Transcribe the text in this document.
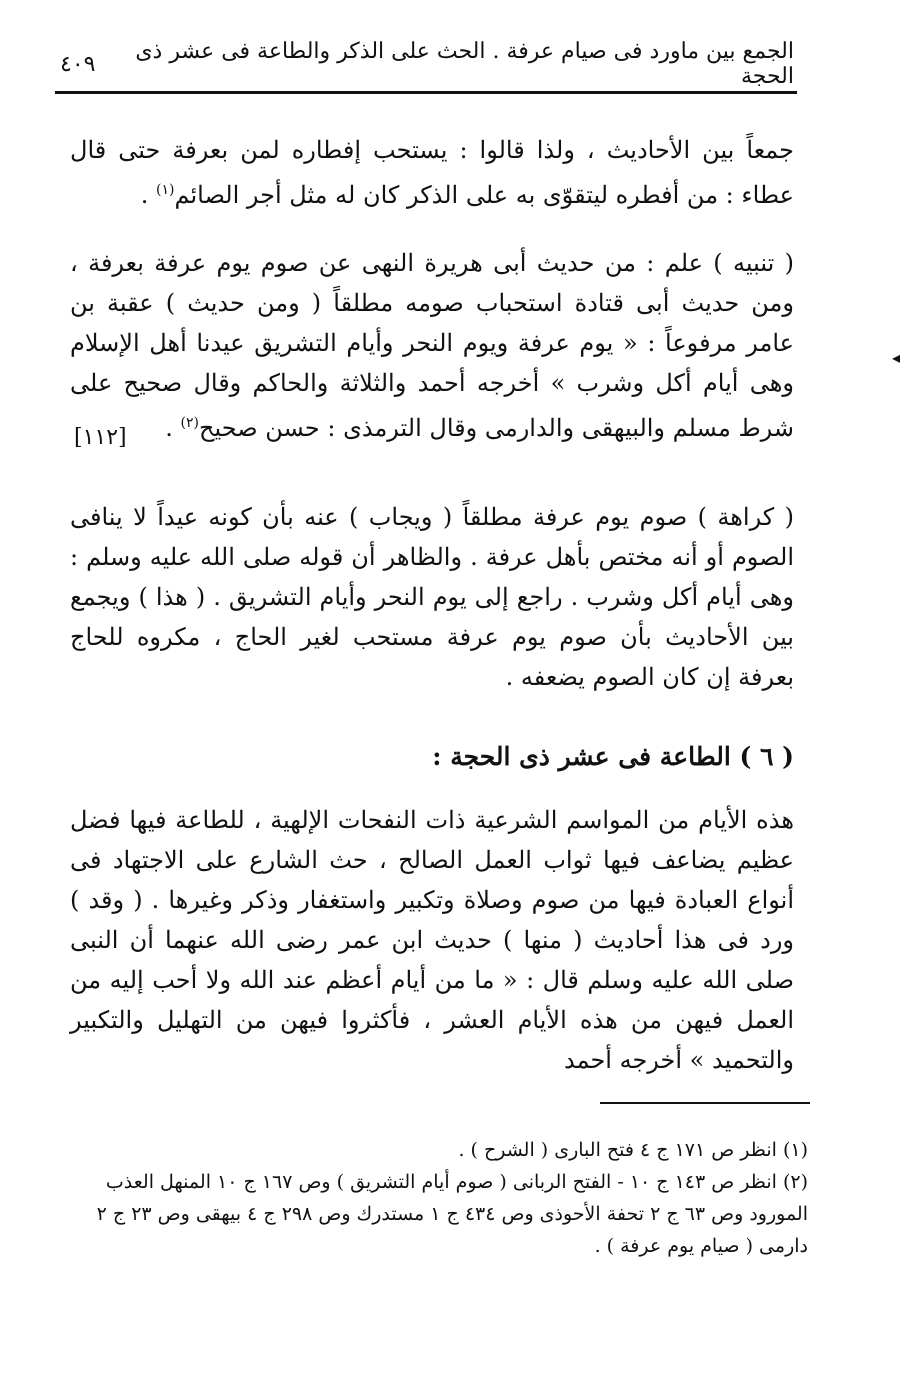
الجمع بين ماورد فى صيام عرفة . الحث على الذكر والطاعة فى عشر ذى الحجة
٤٠٩
جمعاً بين الأحاديث ، ولذا قالوا : يستحب إفطاره لمن بعرفة حتى قال عطاء : من أفطره ليتقوّى به على الذكر كان له مثل أجر الصائم$^{(١)}$ .
( تنبيه ) علم : من حديث أبى هريرة النهى عن صوم يوم عرفة بعرفة ، ومن حديث أبى قتادة استحباب صومه مطلقاً ( ومن حديث ) عقبة بن عامر مرفوعاً : « يوم عرفة ويوم النحر وأيام التشريق عيدنا أهل الإسلام وهى أيام أكل وشرب » أخرجه أحمد والثلاثة والحاكم وقال صحيح على شرط مسلم والبيهقى والدارمى وقال الترمذى : حسن صحيح$^{(٢)}$ .
[١١٢]
◂
( كراهة ) صوم يوم عرفة مطلقاً ( ويجاب ) عنه بأن كونه عيداً لا ينافى الصوم أو أنه مختص بأهل عرفة . والظاهر أن قوله صلى الله عليه وسلم : وهى أيام أكل وشرب . راجع إلى يوم النحر وأيام التشريق . ( هذا ) ويجمع بين الأحاديث بأن صوم يوم عرفة مستحب لغير الحاج ، مكروه للحاج بعرفة إن كان الصوم يضعفه .
( ٦ ) الطاعة فى عشر ذى الحجة :
هذه الأيام من المواسم الشرعية ذات النفحات الإلهية ، للطاعة فيها فضل عظيم يضاعف فيها ثواب العمل الصالح ، حث الشارع على الاجتهاد فى أنواع العبادة فيها من صوم وصلاة وتكبير واستغفار وذكر وغيرها . ( وقد ) ورد فى هذا أحاديث ( منها ) حديث ابن عمر رضى الله عنهما أن النبى صلى الله عليه وسلم قال : « ما من أيام أعظم عند الله ولا أحب إليه من العمل فيهن من هذه الأيام العشر ، فأكثروا فيهن من التهليل والتكبير والتحميد » أخرجه أحمد
(١) انظر ص ١٧١ ج ٤ فتح البارى ( الشرح ) .
(٢) انظر ص ١٤٣ ج ١٠ - الفتح الربانى ( صوم أيام التشريق ) وص ١٦٧ ج ١٠ المنهل العذب المورود وص ٦٣ ج ٢ تحفة الأحوذى وص ٤٣٤ ج ١ مستدرك وص ٢٩٨ ج ٤ بيهقى وص ٢٣ ج ٢ دارمى ( صيام يوم عرفة ) .
